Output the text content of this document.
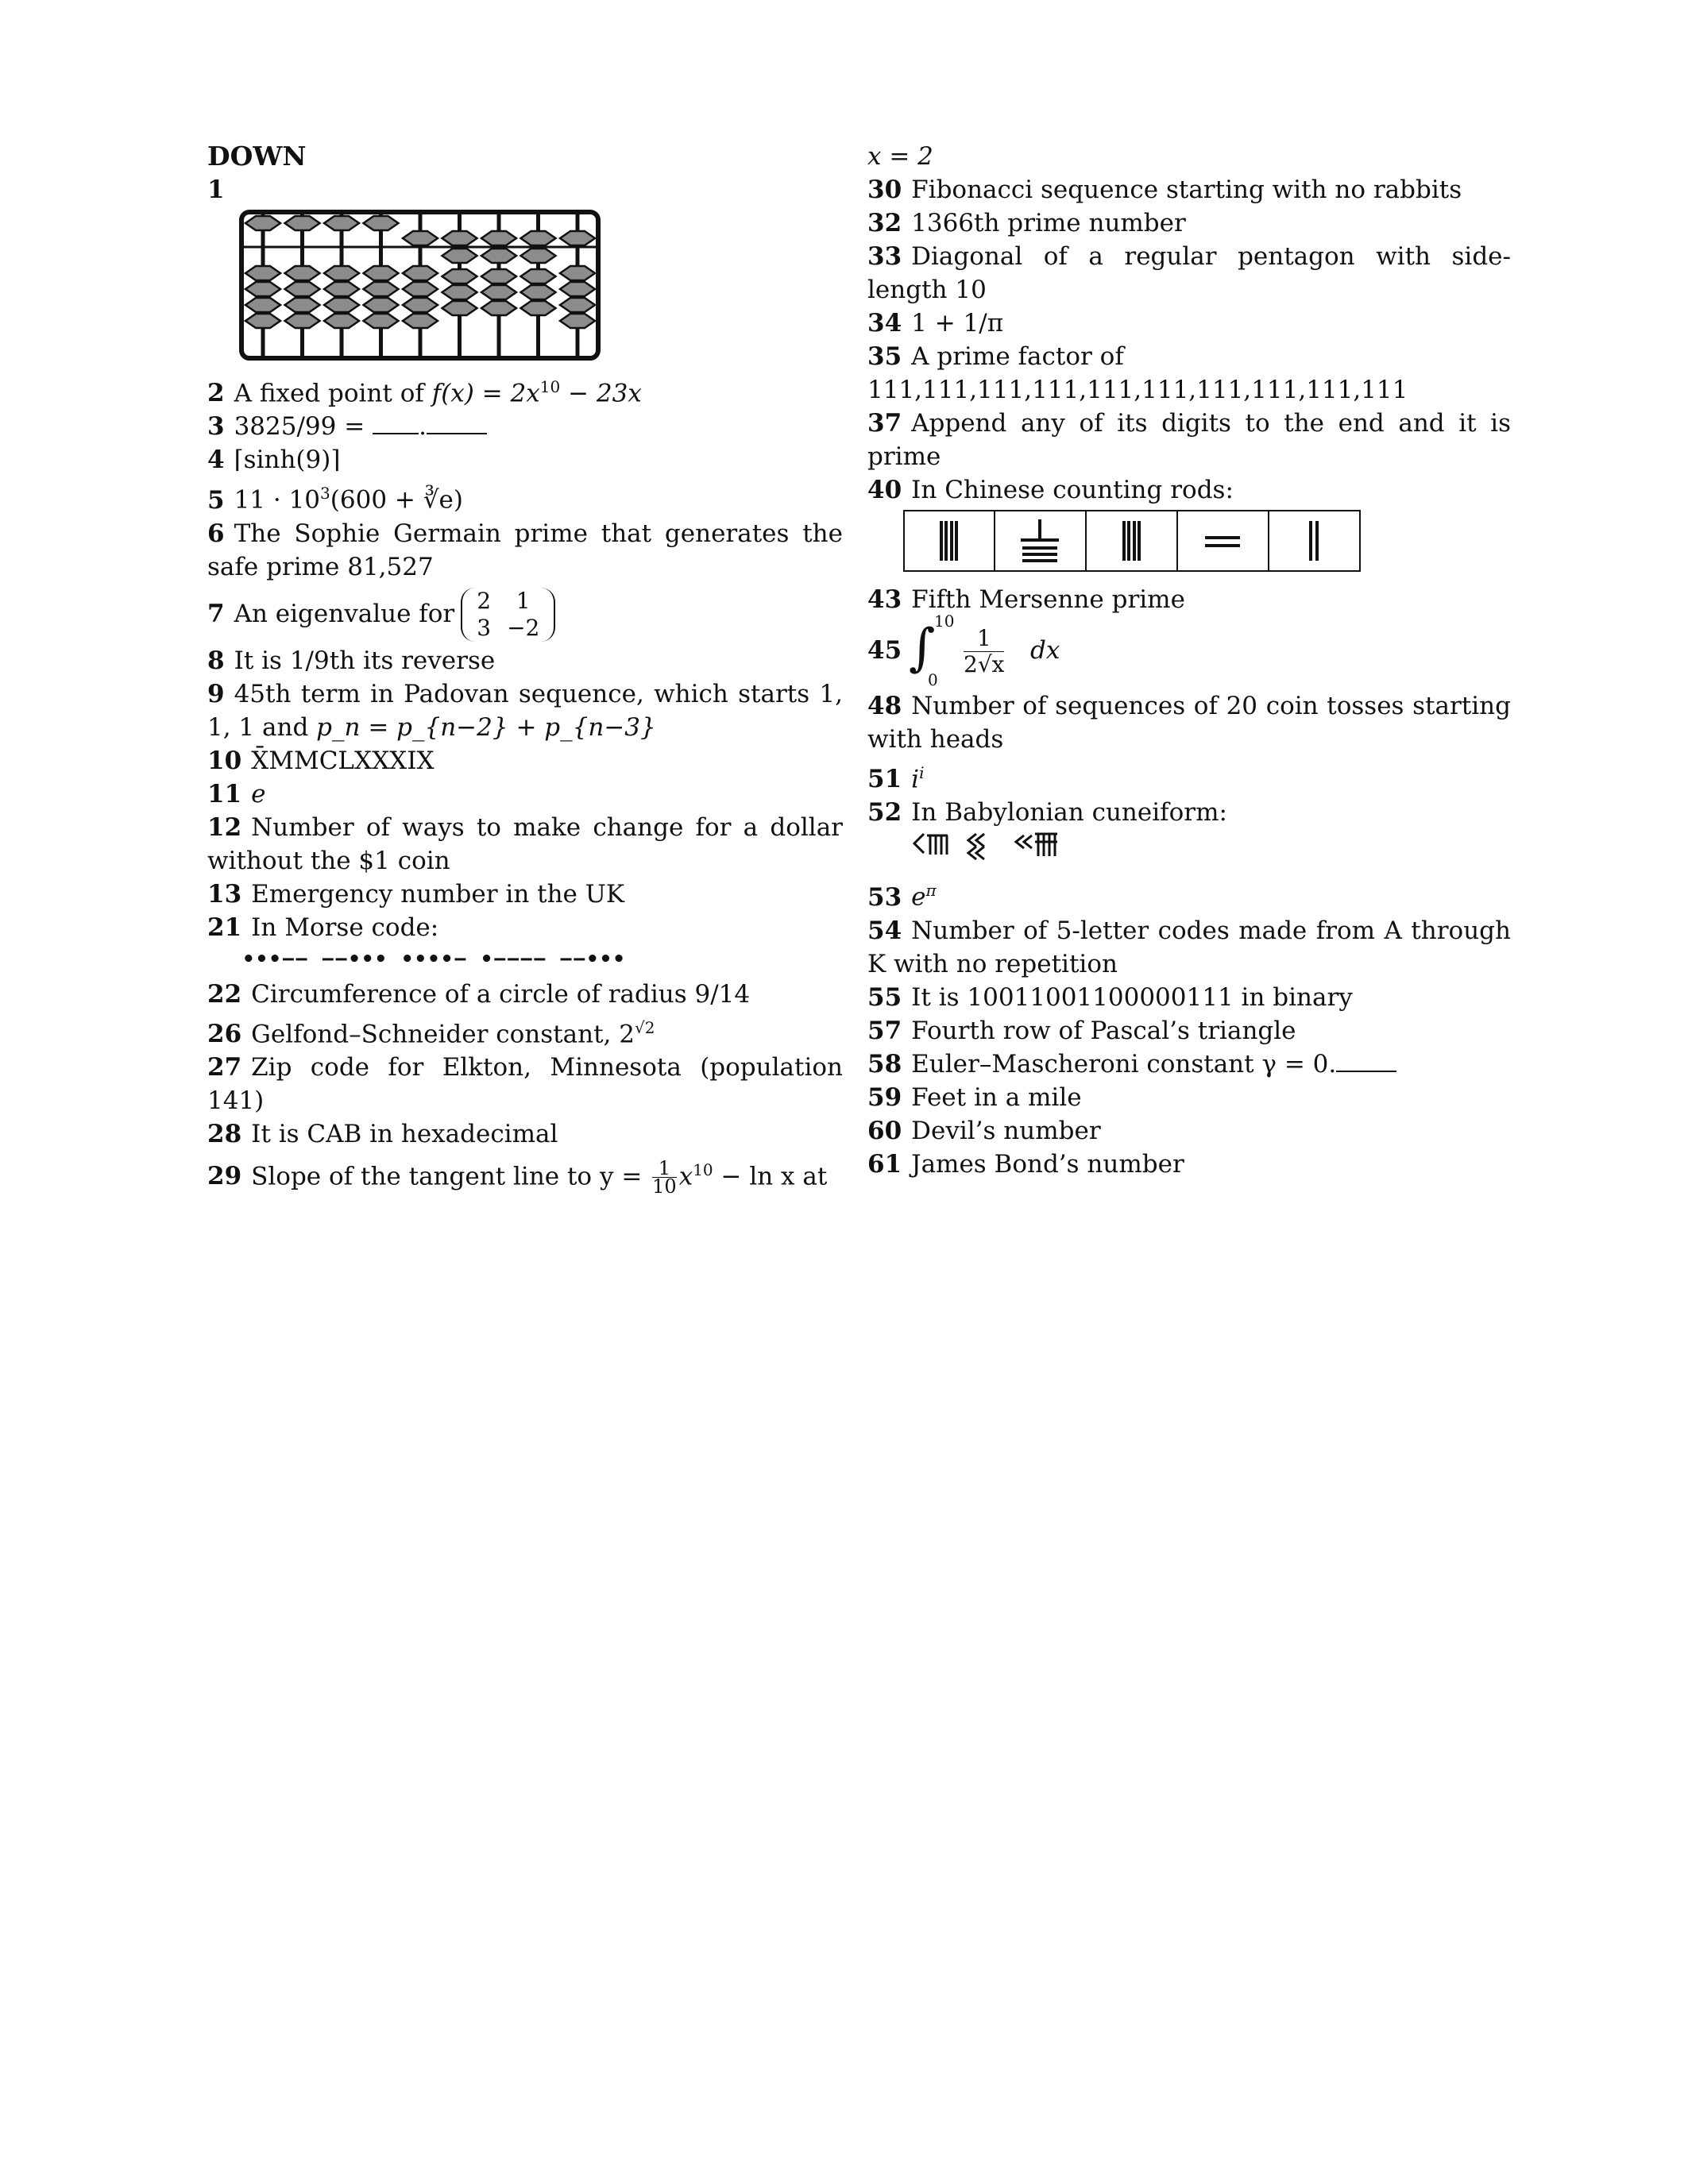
DOWN
1
2 A fixed point of $f(x) = 2x^{10} - 23x$
3 3825/99 = .
4 ⌈sinh(9)⌉
5 $11 \cdot 10^3(600$ + ∛e)
6 The Sophie Germain prime that generates the safe prime 81,527
7 An eigenvalue for 2	1
3	−2
8 It is 1/9th its reverse
9 45th term in Padovan sequence, which starts 1, 1, 1 and p_n = p_{n−2} + p_{n−3}
10 X̄MMCLXXXIX
11 e
12 Number of ways to make change for a dollar without the $1 coin
13 Emergency number in the UK
21 In Morse code:
•••−− −−••• ••••− •−−−− −−•••
22 Circumference of a circle of radius 9/14
26 Gelfond–Schneider constant, $2^{√2}$
27 Zip code for Elkton, Minnesota (population 141)
28 It is CAB in hexadecimal
29 Slope of the tangent line to $y = \frac{1}{10} x^{10} - \ln x$ at
x = 2
30 Fibonacci sequence starting with no rabbits
32 1366th prime number
33 Diagonal of a regular pentagon with side-length 10
34 1 + 1/π
35 A prime factor of
111,111,111,111,111,111,111,111,111,111
37 Append any of its digits to the end and it is prime
40 In Chinese counting rods:
43 Fifth Mersenne prime
45 ∫
10
0
$\frac{1}{2√x}$ dx
48 Number of sequences of 20 coin tosses starting with heads
51 $i^i$
52 In Babylonian cuneiform:
53 $e^\pi$
54 Number of 5-letter codes made from A through K with no repetition
55 It is 10011001100000111 in binary
57 Fourth row of Pascal’s triangle
58 Euler–Mascheroni constant γ = 0.
59 Feet in a mile
60 Devil’s number
61 James Bond’s number
